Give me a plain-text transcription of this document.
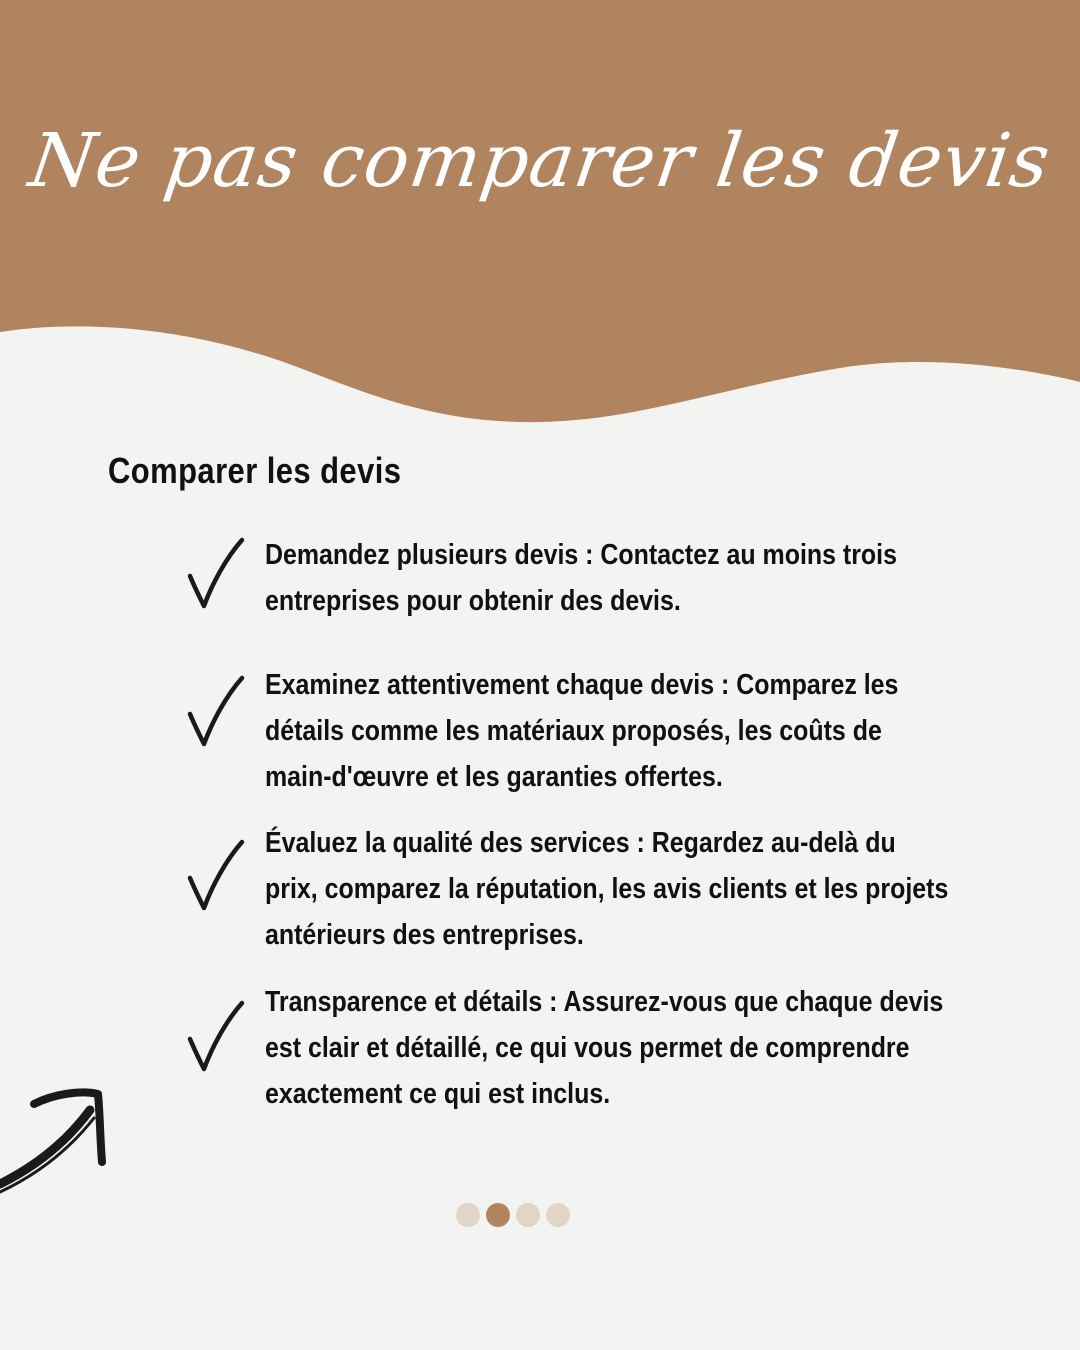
Ne pas comparer les devis
Comparer les devis
Demandez plusieurs devis : Contactez au moins trois entreprises pour obtenir des devis.
Examinez attentivement chaque devis : Comparez les détails comme les matériaux proposés, les coûts de main-d'œuvre et les garanties offertes.
Évaluez la qualité des services : Regardez au-delà du prix, comparez la réputation, les avis clients et les projets antérieurs des entreprises.
Transparence et détails : Assurez-vous que chaque devis est clair et détaillé, ce qui vous permet de comprendre exactement ce qui est inclus.
